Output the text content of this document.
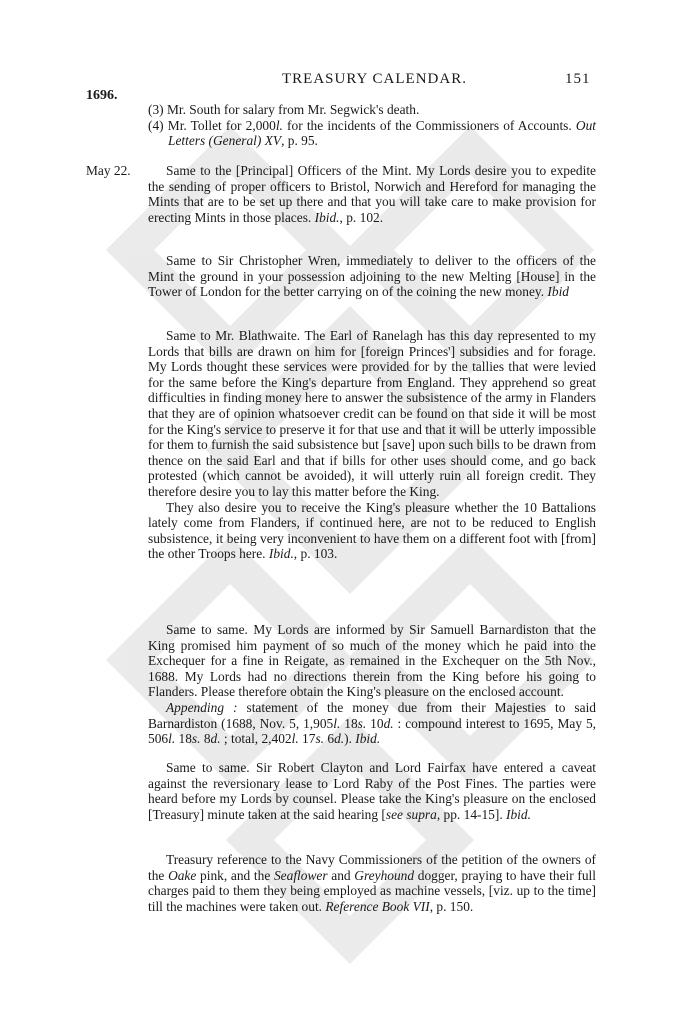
TREASURY CALENDAR.	151
1696.

(3) Mr. South for salary from Mr. Segwick's death.

(4) Mr. Tollet for 2,000l. for the incidents of the Commissioners of Accounts. Out Letters (General) XV, p. 95.

May 22.	Same to the [Principal] Officers of the Mint. My Lords desire you to expedite the sending of proper officers to Bristol, Norwich and Hereford for managing the Mints that are to be set up there and that you will take care to make provision for erecting Mints in those places. Ibid., p. 102.

Same to Sir Christopher Wren, immediately to deliver to the officers of the Mint the ground in your possession adjoining to the new Melting [House] in the Tower of London for the better carrying on of the coining the new money. Ibid

Same to Mr. Blathwaite. The Earl of Ranelagh has this day represented to my Lords that bills are drawn on him for [foreign Princes'] subsidies and for forage. My Lords thought these services were provided for by the tallies that were levied for the same before the King's departure from England. They apprehend so great difficulties in finding money here to answer the subsistence of the army in Flanders that they are of opinion whatsoever credit can be found on that side it will be most for the King's service to preserve it for that use and that it will be utterly impossible for them to furnish the said subsistence but [save] upon such bills to be drawn from thence on the said Earl and that if bills for other uses should come, and go back protested (which cannot be avoided), it will utterly ruin all foreign credit. They therefore desire you to lay this matter before the King.

They also desire you to receive the King's pleasure whether the 10 Battalions lately come from Flanders, if continued here, are not to be reduced to English subsistence, it being very inconvenient to have them on a different foot with [from] the other Troops here. Ibid., p. 103.

Same to same. My Lords are informed by Sir Samuell Barnardiston that the King promised him payment of so much of the money which he paid into the Exchequer for a fine in Reigate, as remained in the Exchequer on the 5th Nov., 1688. My Lords had no directions therein from the King before his going to Flanders. Please therefore obtain the King's pleasure on the enclosed account.

Appending : statement of the money due from their Majesties to said Barnardiston (1688, Nov. 5, 1,905l. 18s. 10d. : compound interest to 1695, May 5, 506l. 18s. 8d. ; total, 2,402l. 17s. 6d.). Ibid.

Same to same. Sir Robert Clayton and Lord Fairfax have entered a caveat against the reversionary lease to Lord Raby of the Post Fines. The parties were heard before my Lords by counsel. Please take the King's pleasure on the enclosed [Treasury] minute taken at the said hearing [see supra, pp. 14-15]. Ibid.

Treasury reference to the Navy Commissioners of the petition of the owners of the Oake pink, and the Seaflower and Greyhound dogger, praying to have their full charges paid to them they being employed as machine vessels, [viz. up to the time] till the machines were taken out. Reference Book VII, p. 150.
